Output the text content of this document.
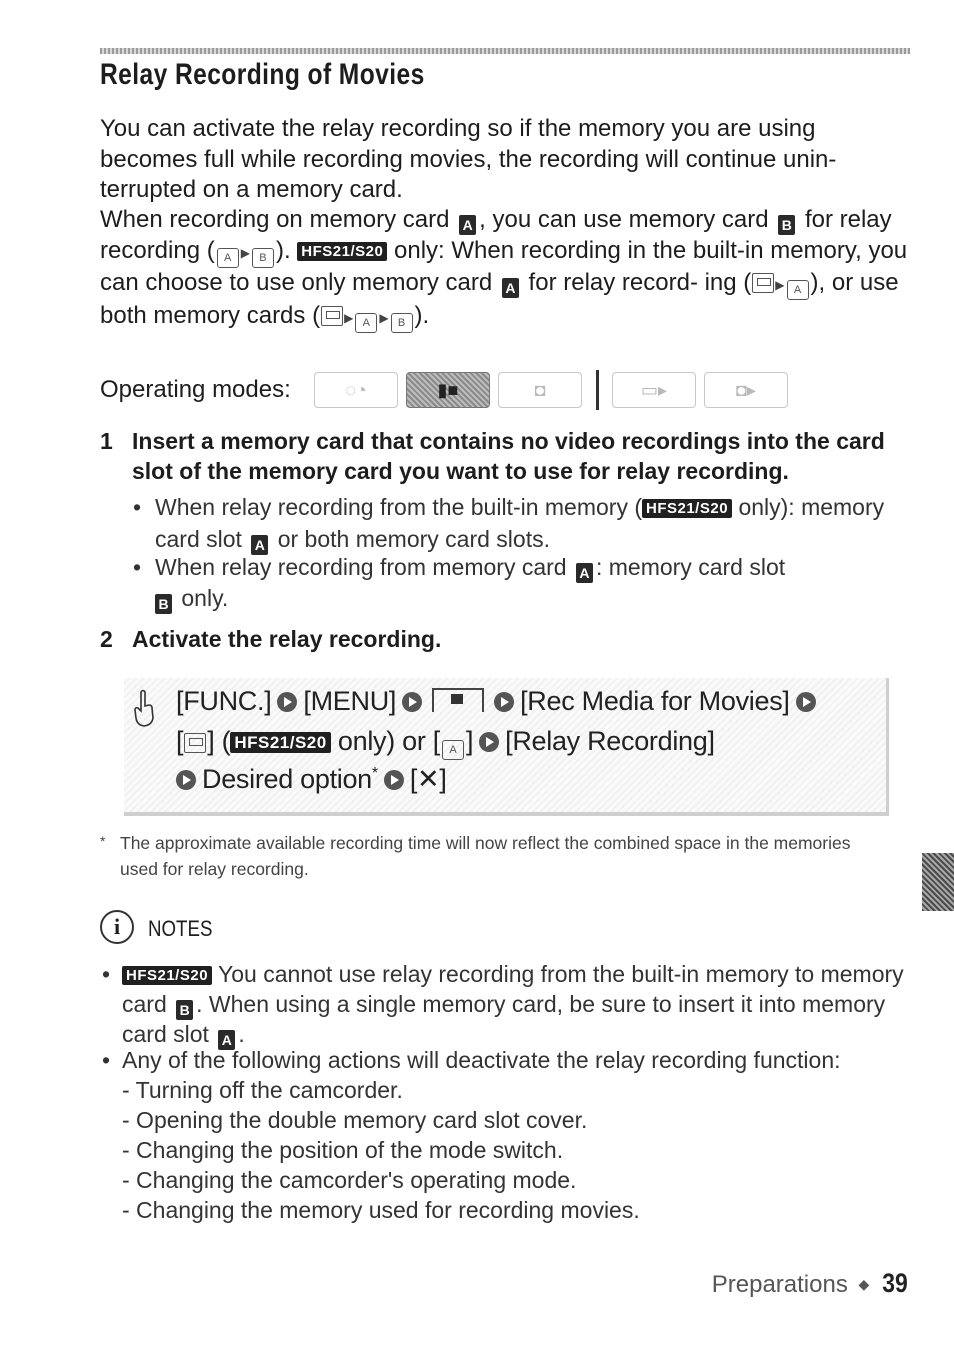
Relay Recording of Movies

You can activate the relay recording so if the memory you are using becomes full while recording movies, the recording will continue unin- terrupted on a memory card.

When recording on memory card A , you can use memory card B for relay recording ( A ▶ B ). HFS21/S20 only: When recording in the built-in memory, you can choose to use only memory card A for relay record- ing ( ▶ A ), or use both memory cards ( ▶ A ▶ B ).

Operating modes:	◌◔	▮■	◘	▭▸	◘▸
1 Insert a memory card that contains no video recordings into the card slot of the memory card you want to use for relay recording.
• When relay recording from the built-in memory ( HFS21/S20 only): memory card slot A or both memory card slots.
• When relay recording from memory card A : memory card slot
B only.
2 Activate the relay recording.
[FUNC.] [MENU]	[Rec Media for Movies]
[ ] ( HFS21/S20 only) or [ A ] [Relay Recording]
Desired option* [✕]
* The approximate available recording time will now reflect the combined space in the memories used for relay recording.
i	NOTES
• HFS21/S20 You cannot use relay recording from the built-in memory to memory card B . When using a single memory card, be sure to insert it into memory card slot A .
• Any of the following actions will deactivate the relay recording function:
- Turning off the camcorder.
- Opening the double memory card slot cover.
- Changing the position of the mode switch.
- Changing the camcorder's operating mode.
- Changing the memory used for recording movies.
Preparations ◆ 39
